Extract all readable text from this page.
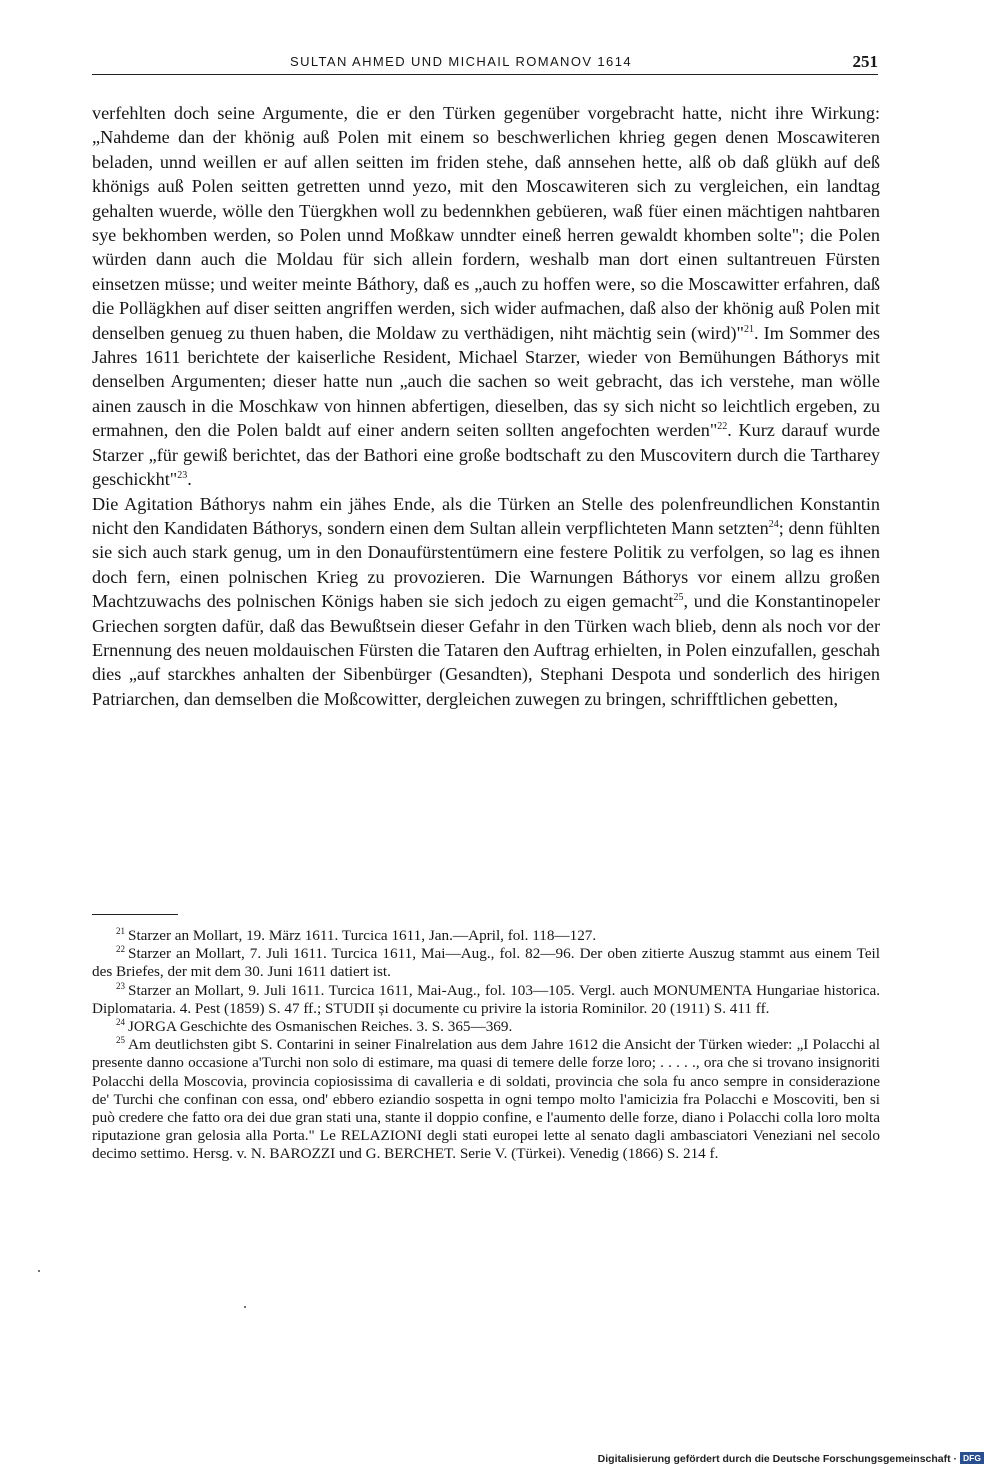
SULTAN AHMED UND MICHAIL ROMANOV 1614	251

verfehlten doch seine Argumente, die er den Türken gegenüber vorgebracht hatte, nicht ihre Wirkung: „Nahdeme dan der khönig auß Polen mit einem so beschwerlichen khrieg gegen denen Moscawiteren beladen, unnd weillen er auf allen seitten im friden stehe, daß annsehen hette, alß ob daß glükh auf deß khönigs auß Polen seitten getretten unnd yezo, mit den Moscawiteren sich zu vergleichen, ein landtag gehalten wuerde, wölle den Tüergkhen woll zu bedennkhen gebüeren, waß füer einen mächtigen nahtbaren sye bekhomben werden, so Polen unnd Moßkaw unndter eineß herren gewaldt khomben solte"; die Polen würden dann auch die Moldau für sich allein fordern, weshalb man dort einen sultantreuen Fürsten einsetzen müsse; und weiter meinte Báthory, daß es „auch zu hoffen were, so die Moscawitter erfahren, daß die Pollägkhen auf diser seitten angriffen werden, sich wider aufmachen, daß also der khönig auß Polen mit denselben genueg zu thuen haben, die Moldaw zu verthädigen, niht mächtig sein (wird)"$^{21}$. Im Sommer des Jahres 1611 berichtete der kaiserliche Resident, Michael Starzer, wieder von Bemühungen Báthorys mit denselben Argumenten; dieser hatte nun „auch die sachen so weit gebracht, das ich verstehe, man wölle ainen zausch in die Moschkaw von hinnen abfertigen, dieselben, das sy sich nicht so leichtlich ergeben, zu ermahnen, den die Polen baldt auf einer andern seiten sollten angefochten werden"$^{22}$. Kurz darauf wurde Starzer „für gewiß berichtet, das der Bathori eine große bodtschaft zu den Muscovitern durch die Tartharey geschickht"$^{23}$.

Die Agitation Báthorys nahm ein jähes Ende, als die Türken an Stelle des polenfreundlichen Konstantin nicht den Kandidaten Báthorys, sondern einen dem Sultan allein verpflichteten Mann setzten$^{24}$; denn fühlten sie sich auch stark genug, um in den Donaufürstentümern eine festere Politik zu verfolgen, so lag es ihnen doch fern, einen polnischen Krieg zu provozieren. Die Warnungen Báthorys vor einem allzu großen Machtzuwachs des polnischen Königs haben sie sich jedoch zu eigen gemacht$^{25}$, und die Konstantinopeler Griechen sorgten dafür, daß das Bewußtsein dieser Gefahr in den Türken wach blieb, denn als noch vor der Ernennung des neuen moldauischen Fürsten die Tataren den Auftrag erhielten, in Polen einzufallen, geschah dies „auf starckhes anhalten der Sibenbürger (Gesandten), Stephani Despota und sonderlich des hirigen Patriarchen, dan demselben die Moßcowitter, dergleichen zuwegen zu bringen, schrifftlichen gebetten,

$^{21}$ Starzer an Mollart, 19. März 1611. Turcica 1611, Jan.—April, fol. 118—127.

$^{22}$ Starzer an Mollart, 7. Juli 1611. Turcica 1611, Mai—Aug., fol. 82—96. Der oben zitierte Auszug stammt aus einem Teil des Briefes, der mit dem 30. Juni 1611 datiert ist.

$^{23}$ Starzer an Mollart, 9. Juli 1611. Turcica 1611, Mai-Aug., fol. 103—105. Vergl. auch MONUMENTA Hungariae historica. Diplomataria. 4. Pest (1859) S. 47 ff.; STUDII și documente cu privire la istoria Rominilor. 20 (1911) S. 411 ff.

$^{24}$ JORGA Geschichte des Osmanischen Reiches. 3. S. 365—369.

$^{25}$ Am deutlichsten gibt S. Contarini in seiner Finalrelation aus dem Jahre 1612 die Ansicht der Türken wieder: „I Polacchi al presente danno occasione a'Turchi non solo di estimare, ma quasi di temere delle forze loro; . . . . ., ora che si trovano insignoriti Polacchi della Moscovia, provincia copiosissima di cavalleria e di soldati, provincia che sola fu anco sempre in considerazione de' Turchi che confinan con essa, ond' ebbero eziandio sospetta in ogni tempo molto l'amicizia fra Polacchi e Moscoviti, ben si può credere che fatto ora dei due gran stati una, stante il doppio confine, e l'aumento delle forze, diano i Polacchi colla loro molta riputazione gran gelosia alla Porta." Le RELAZIONI degli stati europei lette al senato dagli ambasciatori Veneziani nel secolo decimo settimo. Hersg. v. N. BAROZZI und G. BERCHET. Serie V. (Türkei). Venedig (1866) S. 214 f.

Digitalisierung gefördert durch die Deutsche Forschungsgemeinschaft · DFG
